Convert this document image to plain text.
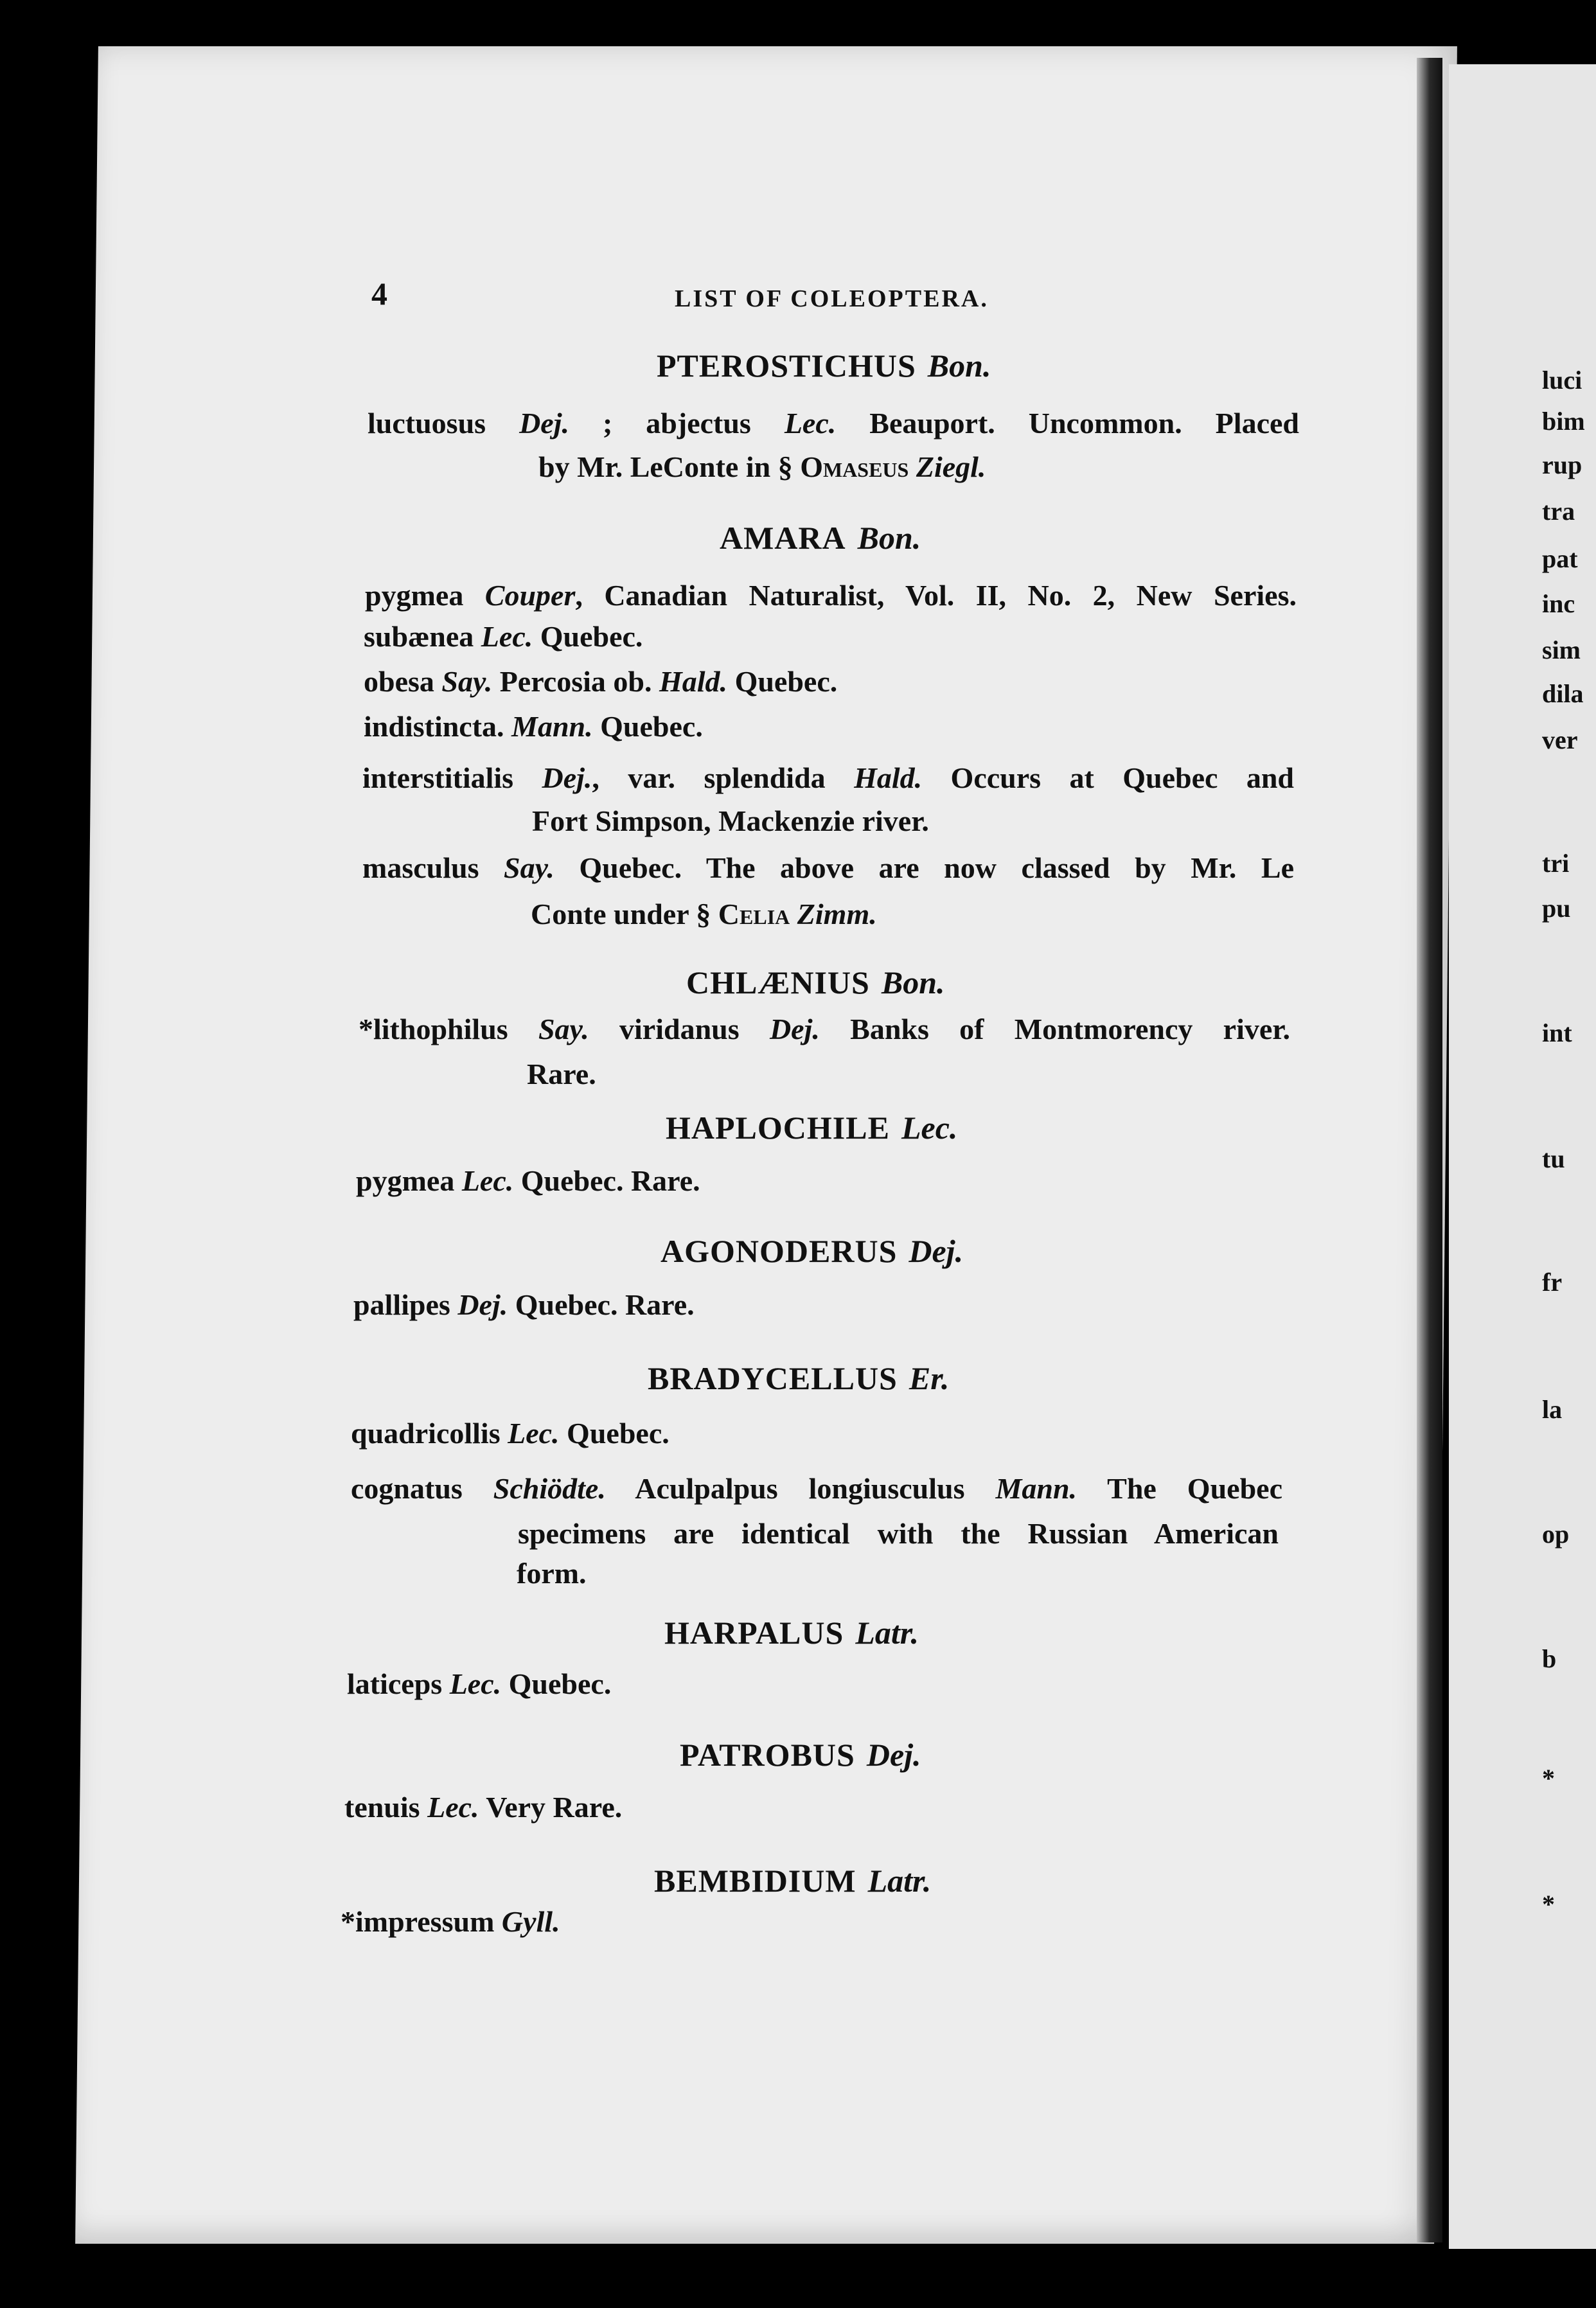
4	LIST OF COLEOPTERA.
PTEROSTICHUS Bon.
luctuosus Dej. ; abjectus Lec. Beauport. Uncommon. Placed
by Mr. LeConte in § Omaseus Ziegl.
AMARA Bon.
pygmea Couper, Canadian Naturalist, Vol. II, No. 2, New Series.
subænea Lec. Quebec.
obesa Say. Percosia ob. Hald. Quebec.
indistincta. Mann. Quebec.
interstitialis Dej., var. splendida Hald. Occurs at Quebec and
Fort Simpson, Mackenzie river.
masculus Say. Quebec. The above are now classed by Mr. Le
Conte under § Celia Zimm.
CHLÆNIUS Bon.
*lithophilus Say. viridanus Dej. Banks of Montmorency river.
Rare.
HAPLOCHILE Lec.
pygmea Lec. Quebec. Rare.
AGONODERUS Dej.
pallipes Dej. Quebec. Rare.
BRADYCELLUS Er.
quadricollis Lec. Quebec.
cognatus Schiödte. Aculpalpus longiusculus Mann. The Quebec
specimens are identical with the Russian American
form.
HARPALUS Latr.
laticeps Lec. Quebec.
PATROBUS Dej.
tenuis Lec. Very Rare.
BEMBIDIUM Latr.
*impressum Gyll.
luci
bim
rup
tra
pat
inc
sim
dila
ver
tri
pu
int
tu
fr
la
op
b
*
*
